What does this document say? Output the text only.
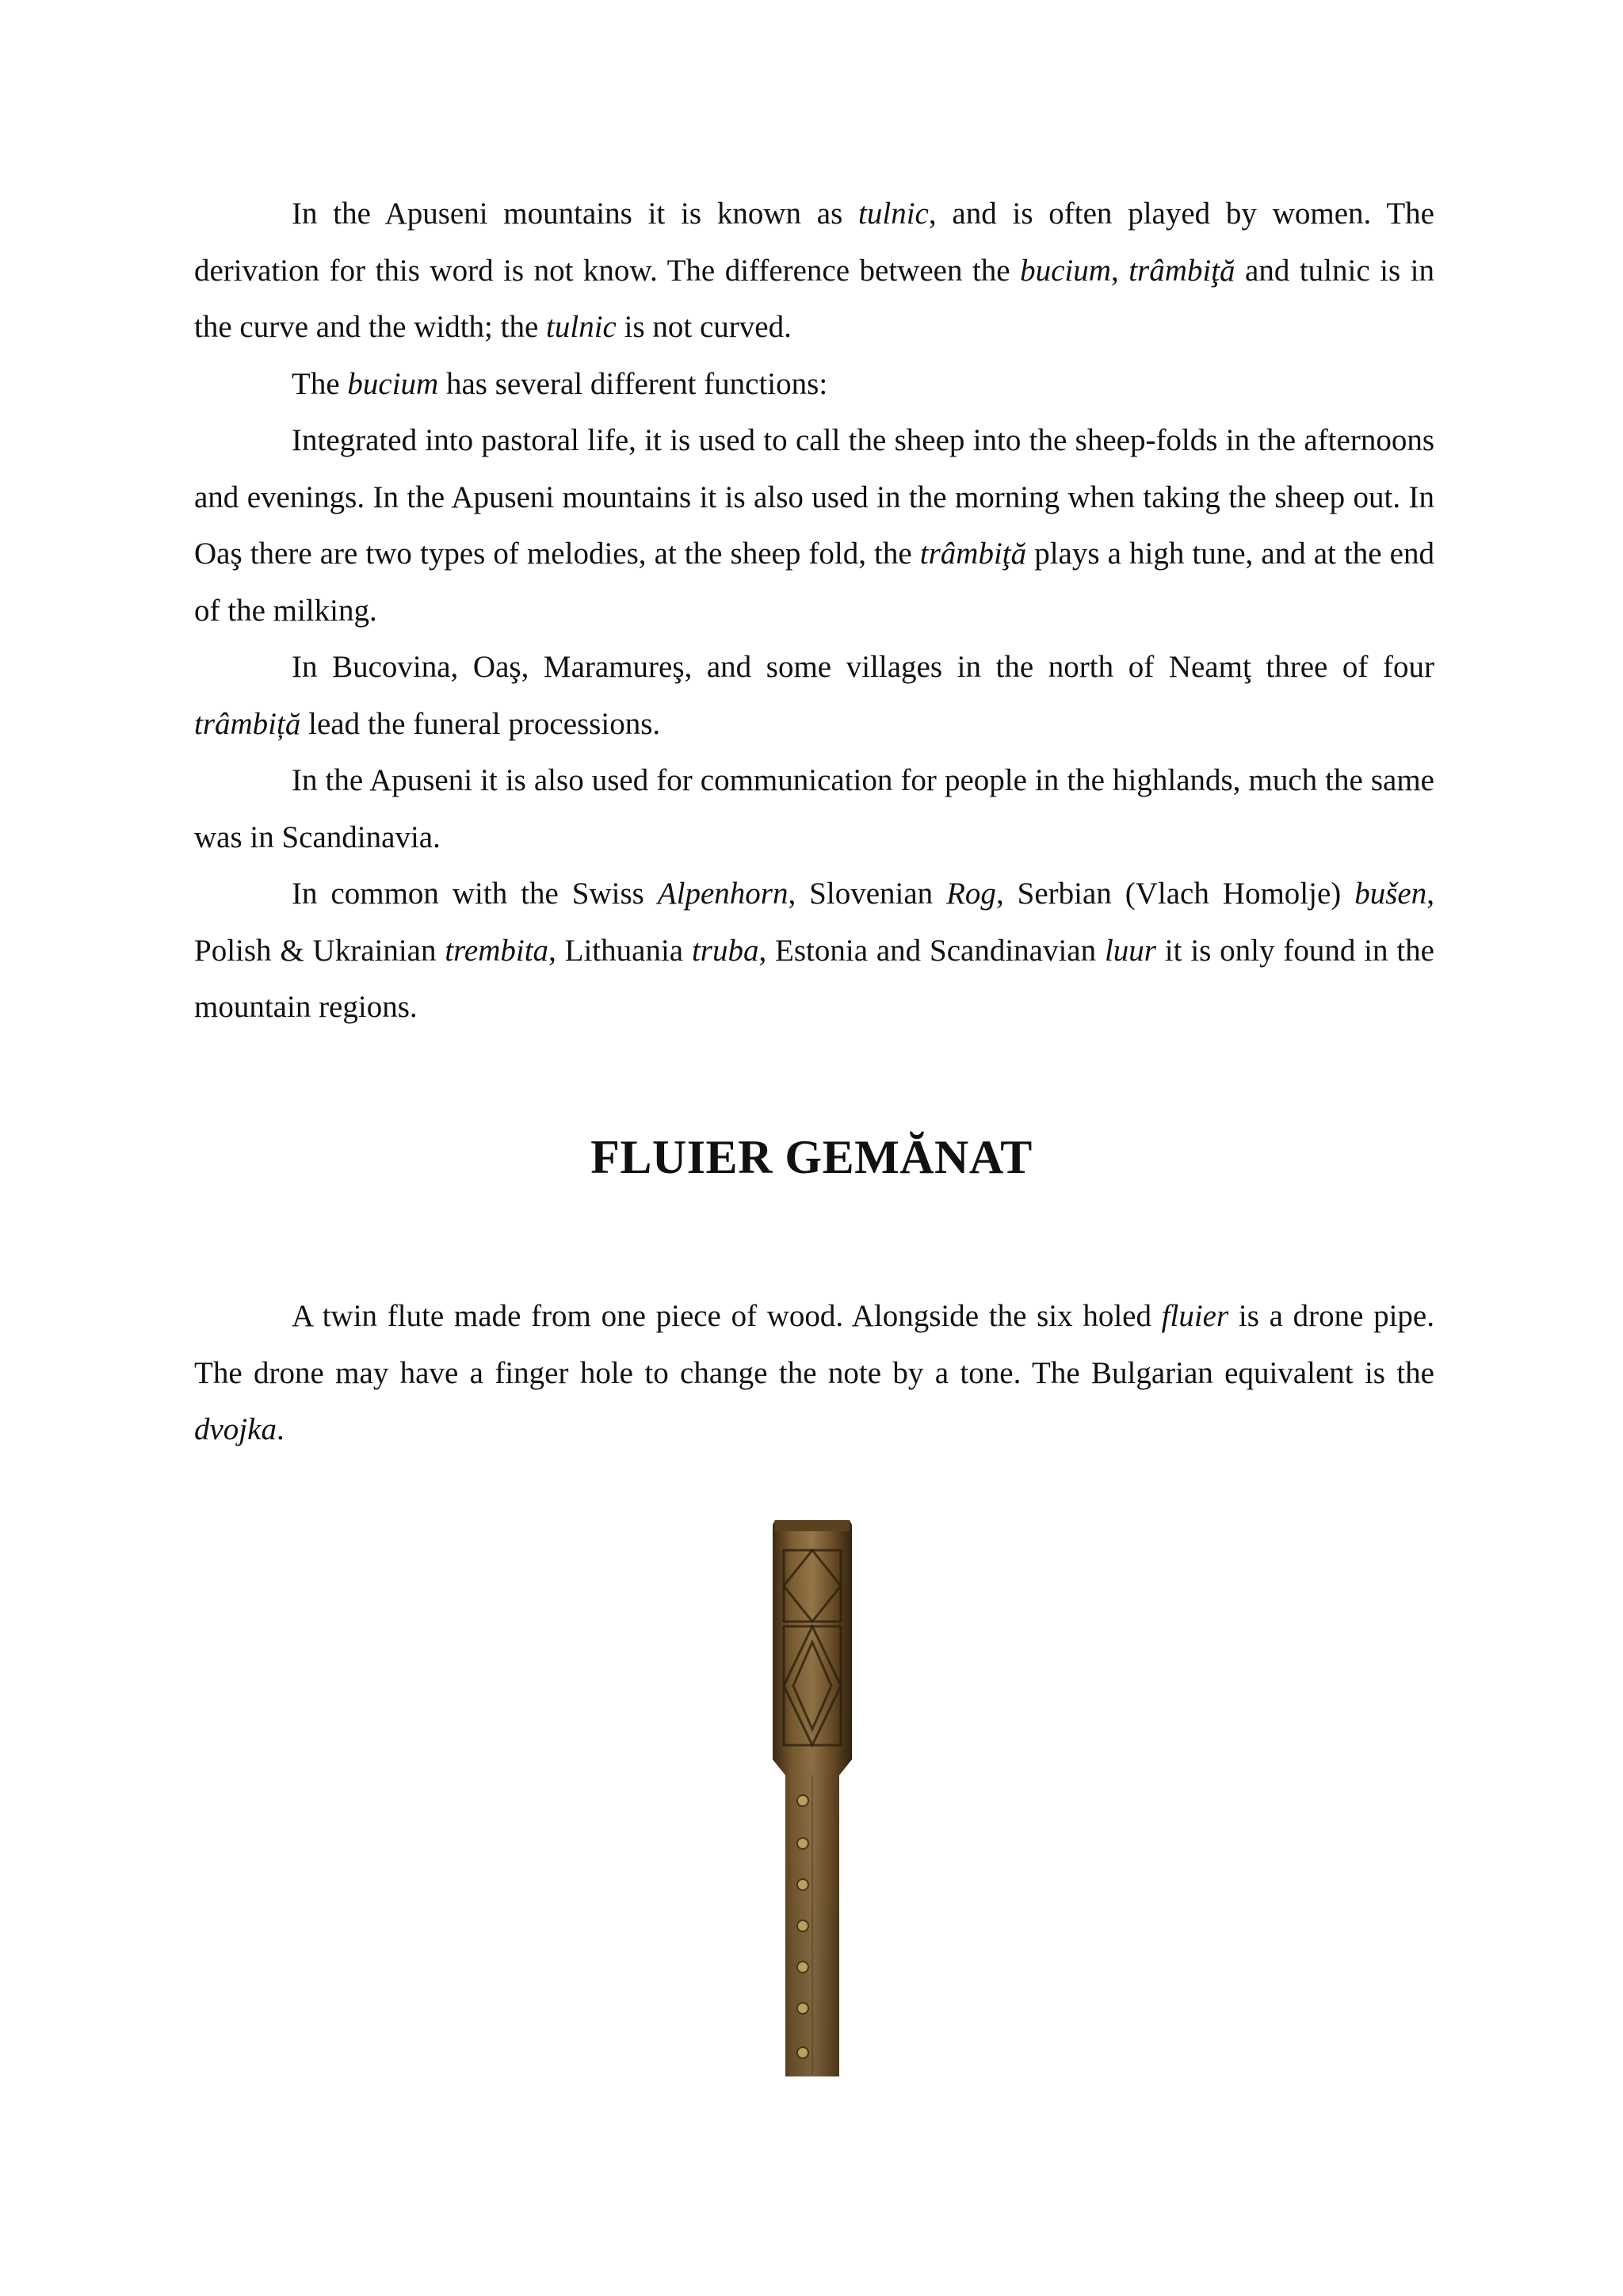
In the Apuseni mountains it is known as tulnic, and is often played by women. The derivation for this word is not know. The difference between the bucium, trâmbiţă and tulnic is in the curve and the width; the tulnic is not curved.

The bucium has several different functions:

Integrated into pastoral life, it is used to call the sheep into the sheep-folds in the afternoons and evenings. In the Apuseni mountains it is also used in the morning when taking the sheep out. In Oaş there are two types of melodies, at the sheep fold, the trâmbiţă plays a high tune, and at the end of the milking.

In Bucovina, Oaş, Maramureş, and some villages in the north of Neamţ three of four trâmbiță lead the funeral processions.

In the Apuseni it is also used for communication for people in the highlands, much the same was in Scandinavia.

In common with the Swiss Alpenhorn, Slovenian Rog, Serbian (Vlach Homolje) bušen, Polish & Ukrainian trembita, Lithuania truba, Estonia and Scandinavian luur it is only found in the mountain regions.

FLUIER GEMĂNAT

A twin flute made from one piece of wood. Alongside the six holed fluier is a drone pipe. The drone may have a finger hole to change the note by a tone. The Bulgarian equivalent is the dvojka.
